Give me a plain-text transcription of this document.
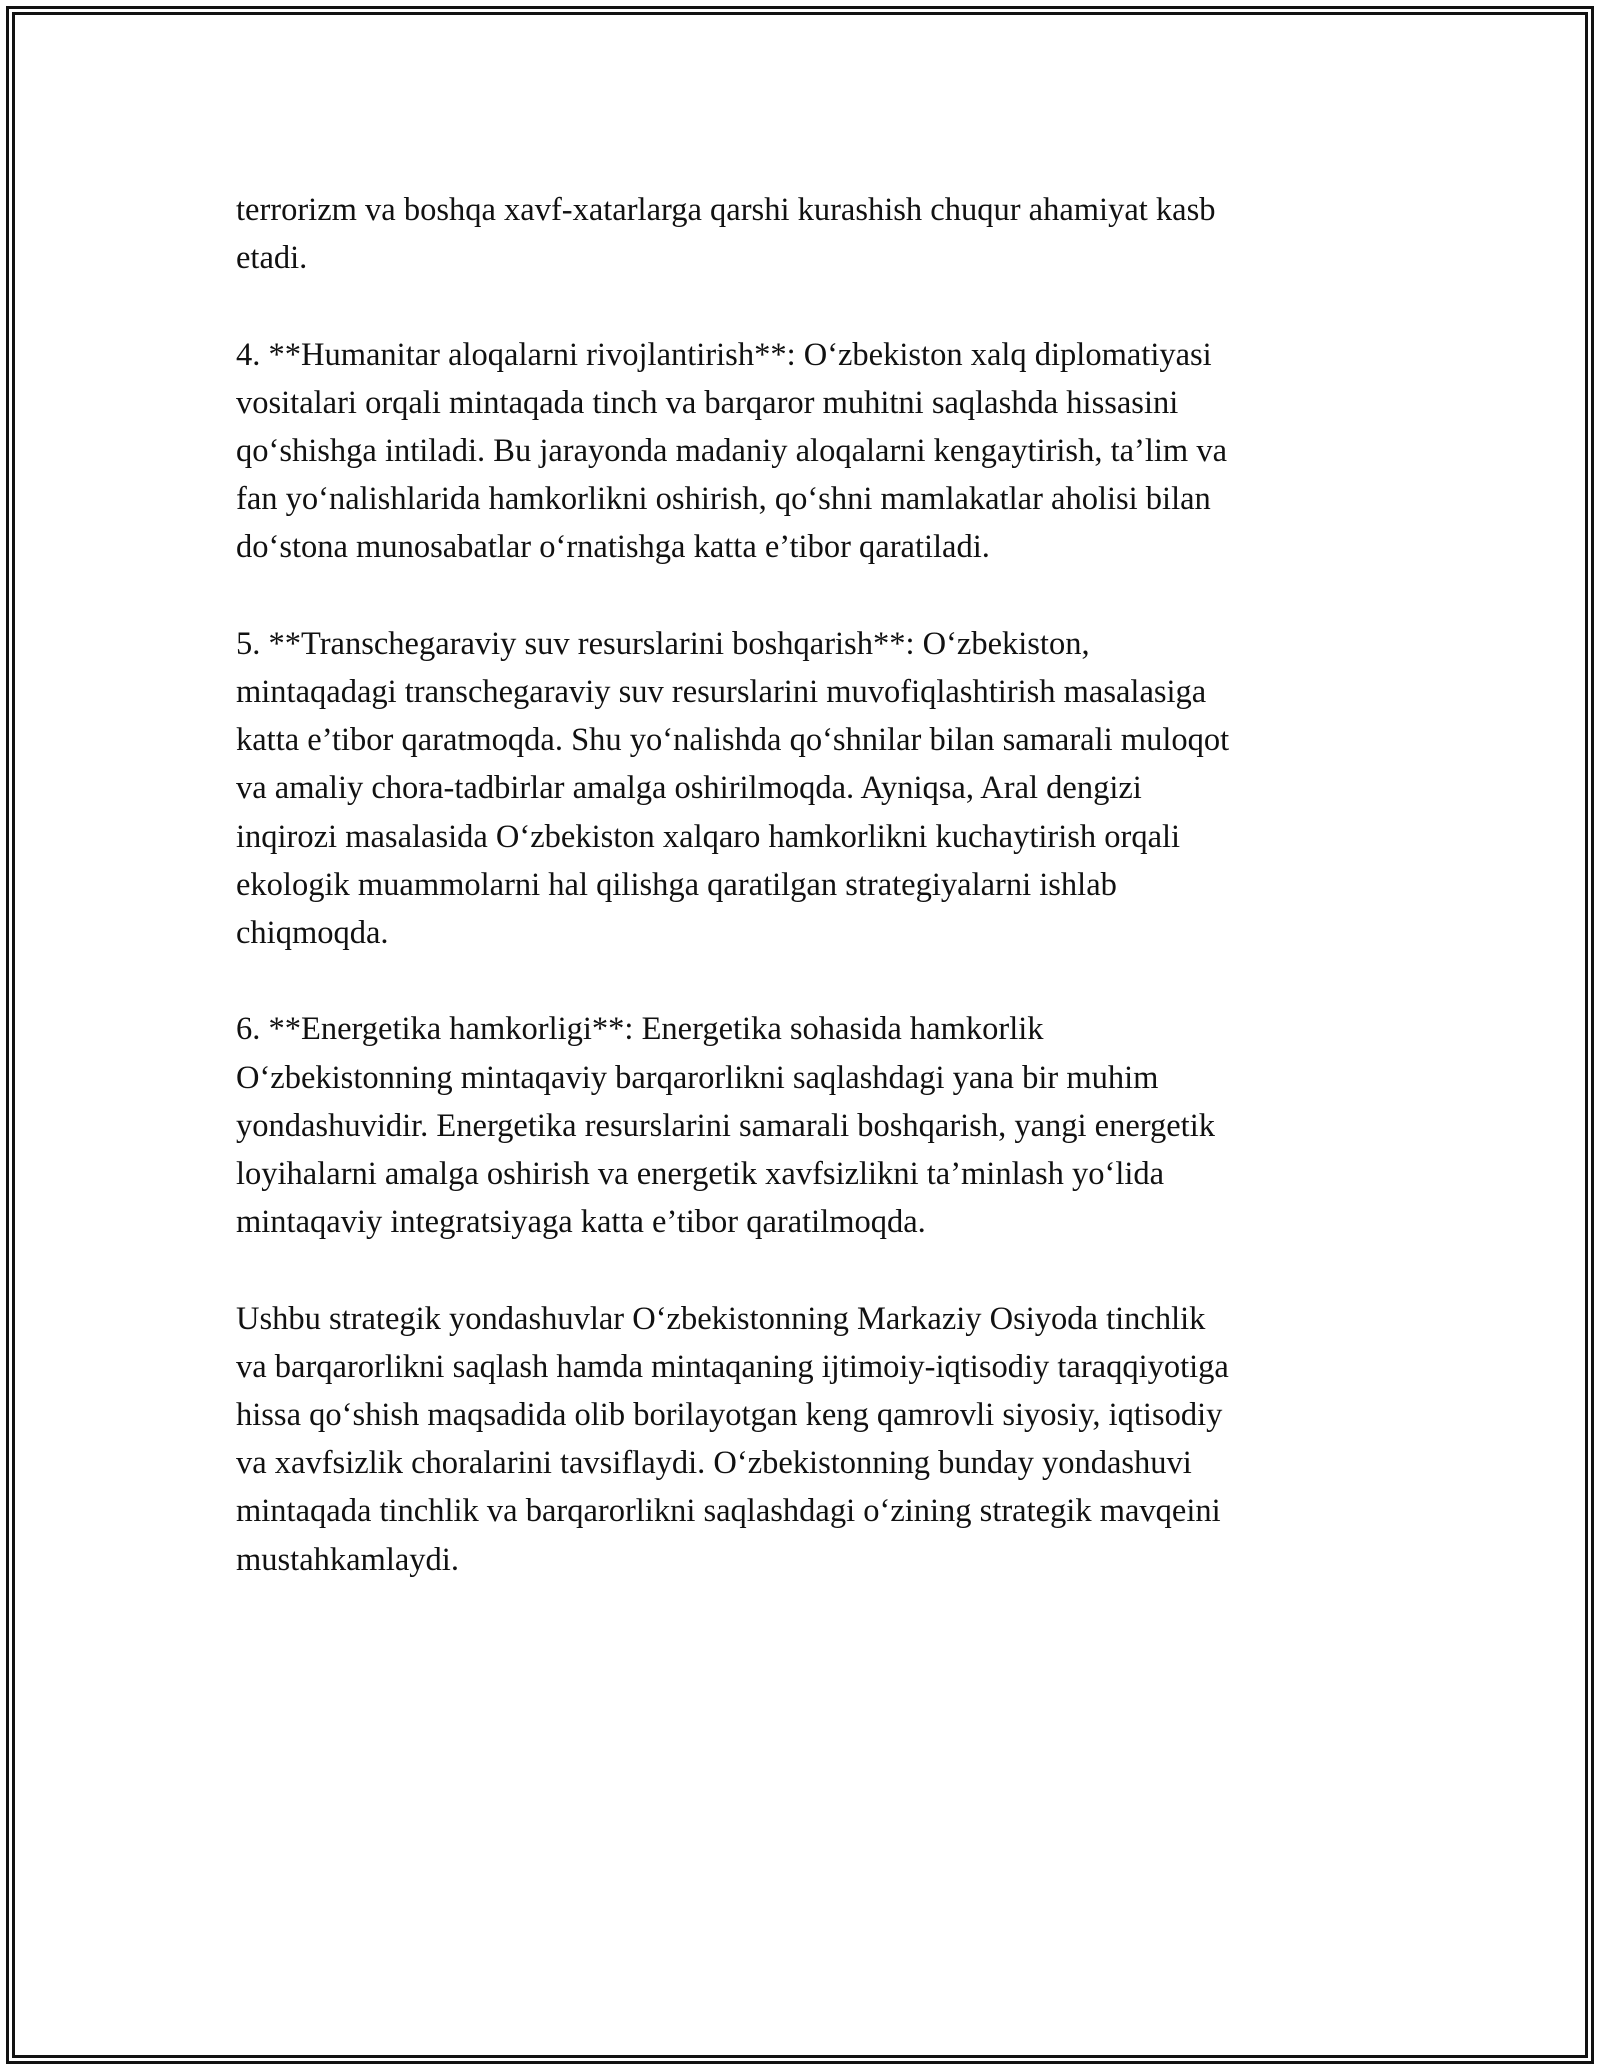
terrorizm va boshqa xavf-xatarlarga qarshi kurashish chuqur ahamiyat kasb
etadi.

4. **Humanitar aloqalarni rivojlantirish**: O‘zbekiston xalq diplomatiyasi
vositalari orqali mintaqada tinch va barqaror muhitni saqlashda hissasini
qo‘shishga intiladi. Bu jarayonda madaniy aloqalarni kengaytirish, ta’lim va
fan yo‘nalishlarida hamkorlikni oshirish, qo‘shni mamlakatlar aholisi bilan
do‘stona munosabatlar o‘rnatishga katta e’tibor qaratiladi.

5. **Transchegaraviy suv resurslarini boshqarish**: O‘zbekiston,
mintaqadagi transchegaraviy suv resurslarini muvofiqlashtirish masalasiga
katta e’tibor qaratmoqda. Shu yo‘nalishda qo‘shnilar bilan samarali muloqot
va amaliy chora-tadbirlar amalga oshirilmoqda. Ayniqsa, Aral dengizi
inqirozi masalasida O‘zbekiston xalqaro hamkorlikni kuchaytirish orqali
ekologik muammolarni hal qilishga qaratilgan strategiyalarni ishlab
chiqmoqda.

6. **Energetika hamkorligi**: Energetika sohasida hamkorlik
O‘zbekistonning mintaqaviy barqarorlikni saqlashdagi yana bir muhim
yondashuvidir. Energetika resurslarini samarali boshqarish, yangi energetik
loyihalarni amalga oshirish va energetik xavfsizlikni ta’minlash yo‘lida
mintaqaviy integratsiyaga katta e’tibor qaratilmoqda.

Ushbu strategik yondashuvlar O‘zbekistonning Markaziy Osiyoda tinchlik
va barqarorlikni saqlash hamda mintaqaning ijtimoiy-iqtisodiy taraqqiyotiga
hissa qo‘shish maqsadida olib borilayotgan keng qamrovli siyosiy, iqtisodiy
va xavfsizlik choralarini tavsiflaydi. O‘zbekistonning bunday yondashuvi
mintaqada tinchlik va barqarorlikni saqlashdagi o‘zining strategik mavqeini
mustahkamlaydi.
